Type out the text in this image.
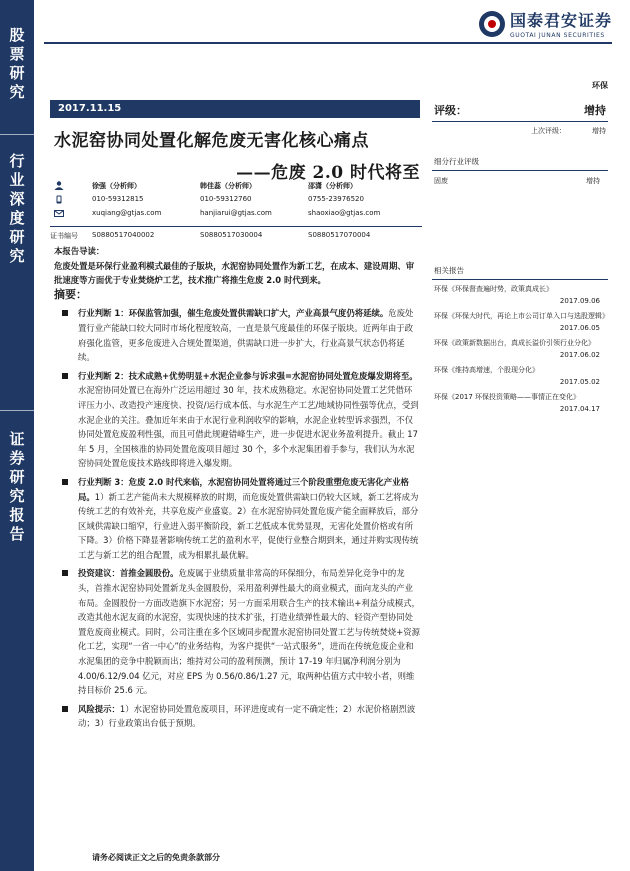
股
票
研
究
行
业
深
度
研
究
证
券
研
究
报
告
国泰君安证券
GUOTAI JUNAN SECURITIES
环保
2017.11.15
水泥窑协同处置化解危废无害化核心痛点
——危废 2.0 时代将至
徐强（分析师）
010-59312815
xuqiang@gtjas.com
韩佳蕊（分析师）
010-59312760
hanjiarui@gtjas.com
邵潇（分析师）
0755-23976520
shaoxiao@gtjas.com
证书编号 S0880517040002	S0880517030004	S0880517070004
本报告导读：
危废处置是环保行业盈利模式最佳的子版块，水泥窑协同处置作为新工艺，在成本、建设周期、审批速度等方面优于专业焚烧炉工艺，技术推广将推生危废 2.0 时代到来。
摘要：
行业判断 1：环保监管加强，催生危废处置供需缺口扩大，产业高景气度仍将延续。危废处置行业产能缺口较大同时市场化程度较高，一直是景气度最佳的环保子版块。近两年由于政府强化监管，更多危废进入合规处置渠道，供需缺口进一步扩大，行业高景气状态仍将延续。
行业判断 2：技术成熟+优势明显+水泥企业参与诉求强=水泥窑协同处置危废爆发期将至。水泥窑协同处置已在海外广泛运用超过 30 年，技术成熟稳定。水泥窑协同处置工艺凭借环评压力小、改造投产速度快、投资/运行成本低、与水泥生产工艺/地域协同性强等优点，受到水泥企业的关注。叠加近年来由于水泥行业利润收窄的影响，水泥企业转型诉求强烈，不仅协同处置危废盈利性强，而且可借此规避错峰生产，进一步促进水泥业务盈利提升。截止 17 年 5 月，全国核准的协同处置危废项目超过 30 个，多个水泥集团着手参与，我们认为水泥窑协同处置危废技术路线即将进入爆发期。
行业判断 3：危废 2.0 时代来临，水泥窑协同处置将通过三个阶段重塑危废无害化产业格局。1）新工艺产能尚未大规模释放的时期，而危废处置供需缺口仍较大区域，新工艺将成为传统工艺的有效补充，共享危废产业盛宴。2）在水泥窑协同处置危废产能全面释放后，部分区域供需缺口缩窄，行业进入弱平衡阶段，新工艺低成本优势显现，无害化处置价格或有所下降。3）价格下降显著影响传统工艺的盈利水平，促使行业整合期到来，通过并购实现传统工艺与新工艺的组合配置，成为相累扎最优解。
投资建议：首推金圆股份。危废属于业绩质量非常高的环保细分，布局差异化竞争中的龙头，首推水泥窑协同处置新龙头金圆股份，采用盈利弹性最大的商业模式，面向龙头的产业布局。金圆股份一方面改造旗下水泥窑；另一方面采用联合生产的技术输出+利益分成模式，改造其他水泥友商的水泥窑，实现快速的技术扩张，打造业绩弹性最大的、轻资产型协同处置危废商业模式。同时，公司注重在多个区域同步配置水泥窑协同处置工艺与传统焚烧+资源化工艺，实现“一省一中心”的业务结构，为客户提供“一站式服务”，进而在传统危废企业和水泥集团的竞争中脱颖而出；维持对公司的盈利预测，预计 17-19 年归属净利润分别为 4.00/6.12/9.04 亿元，对应 EPS 为 0.56/0.86/1.27 元，取两种估值方式中较小者，则维持目标价 25.6 元。
风险提示：1）水泥窑协同处置危废项目，环评进度或有一定不确定性；2）水泥价格剧烈波动；3）行业政策出台低于预期。
评级：	增持
上次评级：	增持
细分行业评级
固废	增持
相关报告
环保《环保督查遍时势，政策真成长》
2017.09.06
环保《环保大时代，再论上市公司订单入口与选股逻辑》
2017.06.05
环保《政策新数据出台，真成长溢价引领行业分化》
2017.06.02
环保《维持高增速，个股现分化》
2017.05.02
环保《2017 环保投资策略——事情正在变化》
2017.04.17
请务必阅读正文之后的免责条款部分
